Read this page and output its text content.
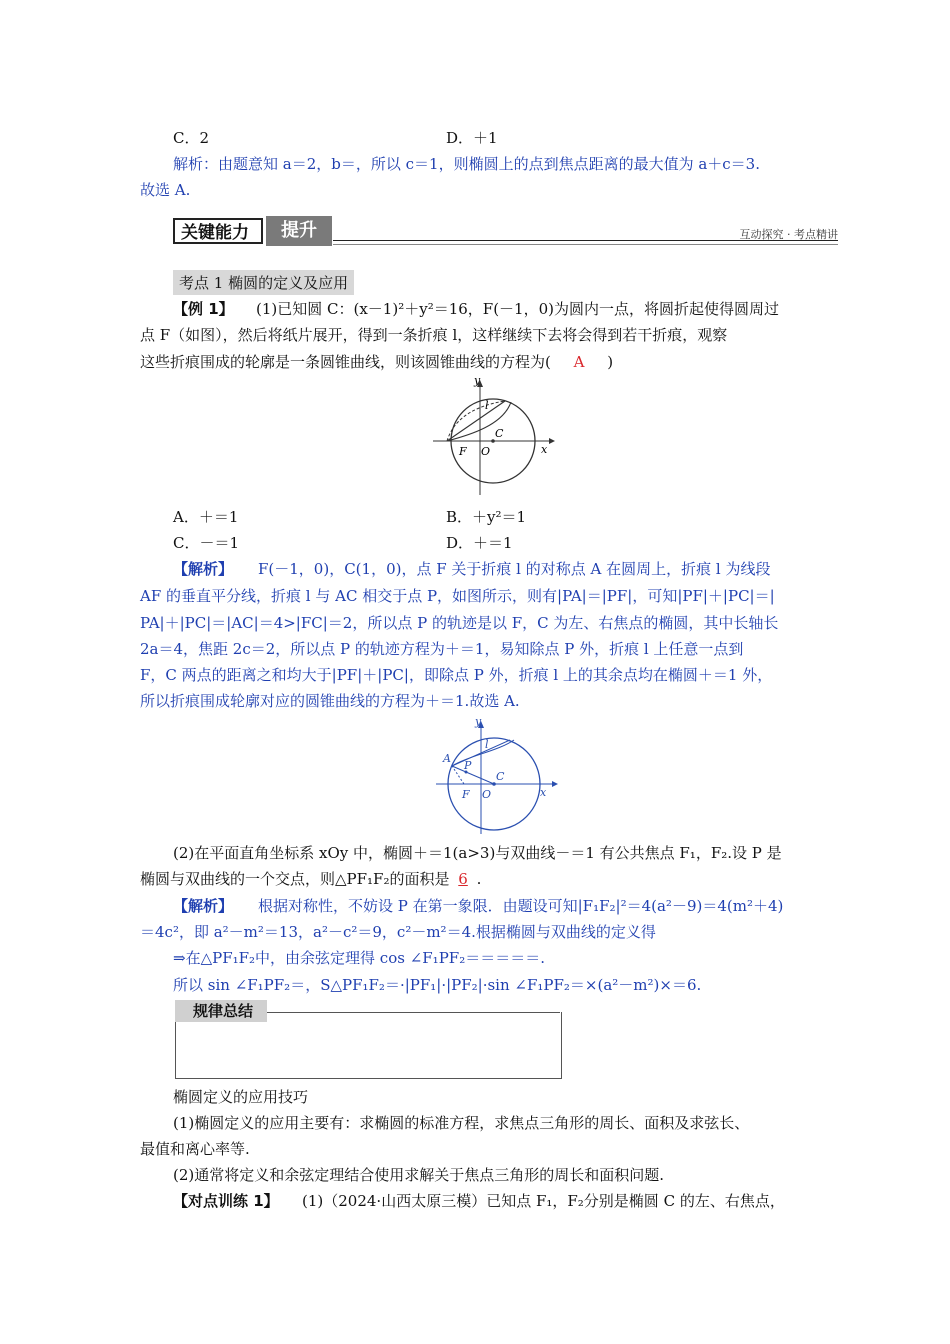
C．2	D．＋1
解析：由题意知 a＝2，b＝，所以 c＝1，则椭圆上的点到焦点距离的最大值为 a＋c＝3.
故选 A.
关键能力	提升	互动探究 · 考点精讲
考点 1 椭圆的定义及应用
【例 1】 (1)已知圆 C：(x－1)²＋y²＝16，F(－1，0)为圆内一点，将圆折起使得圆周过
点 F（如图），然后将纸片展开，得到一条折痕 l，这样继续下去将会得到若干折痕，观察
这些折痕围成的轮廓是一条圆锥曲线，则该圆锥曲线的方程为( A )
y
x
l
C
F O
A．＋＝1	B．＋y²＝1
C．－＝1	D．＋＝1
【解析】 F(－1，0)，C(1，0)，点 F 关于折痕 l 的对称点 A 在圆周上，折痕 l 为线段
AF 的垂直平分线，折痕 l 与 AC 相交于点 P，如图所示，则有|PA|＝|PF|，可知|PF|＋|PC|＝|
PA|＋|PC|＝|AC|＝4>|FC|＝2，所以点 P 的轨迹是以 F，C 为左、右焦点的椭圆，其中长轴长
2a＝4，焦距 2c＝2，所以点 P 的轨迹方程为＋＝1，易知除点 P 外，折痕 l 上任意一点到
F，C 两点的距离之和均大于|PF|＋|PC|，即除点 P 外，折痕 l 上的其余点均在椭圆＋＝1 外，
所以折痕围成轮廓对应的圆锥曲线的方程为＋＝1.故选 A.
y
x
l
C
F O
A
P
(2)在平面直角坐标系 xOy 中，椭圆＋＝1(a>3)与双曲线－＝1 有公共焦点 F₁，F₂.设 P 是
椭圆与双曲线的一个交点，则△PF₁F₂的面积是 6 .
【解析】 根据对称性，不妨设 P 在第一象限．由题设可知|F₁F₂|²＝4(a²－9)＝4(m²＋4)
＝4c²，即 a²－m²＝13，a²－c²＝9，c²－m²＝4.根据椭圆与双曲线的定义得
⇒在△PF₁F₂中，由余弦定理得 cos ∠F₁PF₂＝＝＝＝＝.
所以 sin ∠F₁PF₂＝，S△PF₁F₂＝·|PF₁|·|PF₂|·sin ∠F₁PF₂＝×(a²－m²)×＝6.
规律总结
椭圆定义的应用技巧
(1)椭圆定义的应用主要有：求椭圆的标准方程，求焦点三角形的周长、面积及求弦长、
最值和离心率等.
(2)通常将定义和余弦定理结合使用求解关于焦点三角形的周长和面积问题.
【对点训练 1】 (1)（2024·山西太原三模）已知点 F₁，F₂分别是椭圆 C 的左、右焦点，
